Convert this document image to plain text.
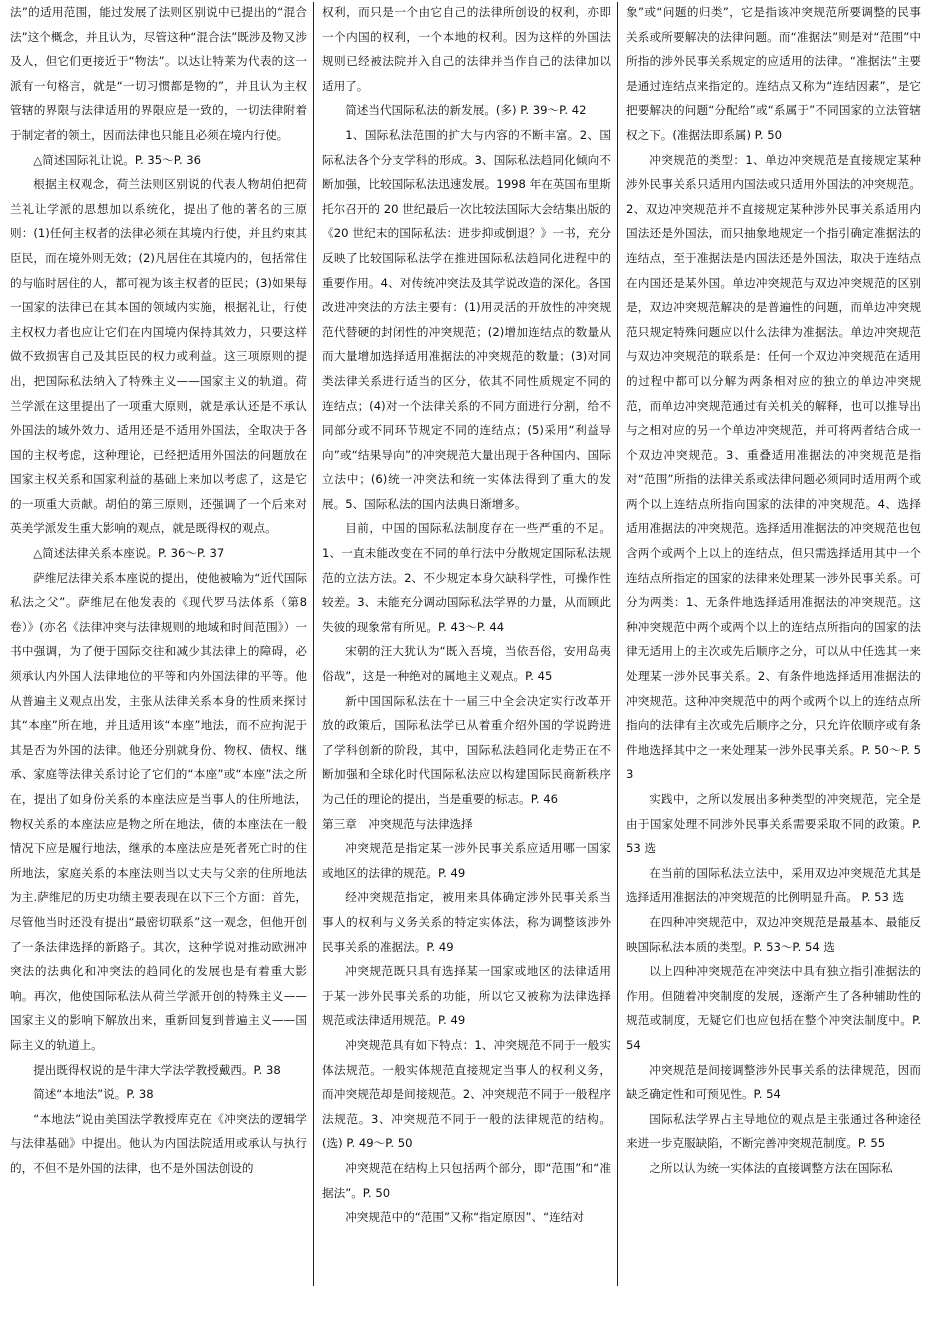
法”的适用范围，能过发展了法则区别说中已提出的“混合法”这个概念，并且认为，尽管这种“混合法”既涉及物又涉及人，但它们更接近于“物法”。以达让特莱为代表的这一派有一句格言，就是“一切习惯都是物的”，并且认为主权管辖的界限与法律适用的界限应是一致的，一切法律附着于制定者的领土，因而法律也只能且必须在境内行使。

△简述国际礼让说。P. 35～P. 36

根据主权观念，荷兰法则区别说的代表人物胡伯把荷兰礼让学派的思想加以系统化，提出了他的著名的三原则：(1)任何主权者的法律必须在其境内行使，并且约束其臣民，而在境外则无效；(2)凡居住在其境内的，包括常住的与临时居住的人，都可视为该主权者的臣民；(3)如果每一国家的法律已在其本国的领域内实施，根据礼让，行使主权权力者也应让它们在内国境内保持其效力，只要这样做不致损害自己及其臣民的权力或利益。这三项原则的提出，把国际私法纳入了特殊主义——国家主义的轨道。荷兰学派在这里提出了一项重大原则，就是承认还是不承认外国法的域外效力、适用还是不适用外国法，全取决于各国的主权考虑，这种理论，已经把适用外国法的问题放在国家主权关系和国家利益的基础上来加以考虑了，这是它的一项重大贡献。胡伯的第三原则，还强调了一个后来对英美学派发生重大影响的观点，就是既得权的观点。

△简述法律关系本座说。P. 36～P. 37

萨维尼法律关系本座说的提出，使他被喻为“近代国际私法之父”。萨维尼在他发表的《现代罗马法体系（第8卷）》(亦名《法律冲突与法律规则的地域和时间范围》）一书中强调，为了便于国际交往和减少其法律上的障碍，必须承认内外国人法律地位的平等和内外国法律的平等。他从普遍主义观点出发，主张从法律关系本身的性质来探讨其“本座”所在地，并且适用该“本座”地法，而不应拘泥于其是否为外国的法律。他还分别就身份、物权、债权、继承、家庭等法律关系讨论了它们的“本座”或“本座”法之所在，提出了如身份关系的本座法应是当事人的住所地法，物权关系的本座法应是物之所在地法，债的本座法在一般情况下应是履行地法，继承的本座法应是死者死亡时的住所地法，家庭关系的本座法则当以丈夫与父亲的住所地法为主.萨维尼的历史功绩主要表现在以下三个方面：首先，尽管他当时还没有提出“最密切联系”这一观念，但他开创了一条法律选择的新路子。其次，这种学说对推动欧洲冲突法的法典化和冲突法的趋同化的发展也是有着重大影响。再次，他使国际私法从荷兰学派开创的特殊主义——国家主义的影响下解放出来，重新回复到普遍主义——国际主义的轨道上。

提出既得权说的是牛津大学法学教授戴西。P. 38

简述“本地法”说。P. 38

“本地法”说由美国法学教授库克在《冲突法的逻辑学与法律基础》中提出。他认为内国法院适用或承认与执行的，不但不是外国的法律，也不是外国法创设的

权利，而只是一个由它自己的法律所创设的权利，亦即一个内国的权利，一个本地的权利。因为这样的外国法规则已经被法院并入自己的法律并当作自己的法律加以适用了。

简述当代国际私法的新发展。(多) P. 39～P. 42

1、国际私法范围的扩大与内容的不断丰富。2、国际私法各个分支学科的形成。3、国际私法趋同化倾向不断加强，比较国际私法迅速发展。1998 年在英国布里斯托尔召开的 20 世纪最后一次比较法国际大会结集出版的《20 世纪末的国际私法：进步抑或倒退？》一书，充分反映了比较国际私法学在推进国际私法趋同化进程中的重要作用。4、对传统冲突法及其学说改造的深化。各国改进冲突法的方法主要有：(1)用灵活的开放性的冲突规范代替硬的封闭性的冲突规范；(2)增加连结点的数量从而大量增加选择适用准据法的冲突规范的数量；(3)对同类法律关系进行适当的区分，依其不同性质规定不同的连结点；(4)对一个法律关系的不同方面进行分割，给不同部分或不同环节规定不同的连结点；(5)采用“利益导向”或“结果导向”的冲突规范大量出现于各种国内、国际立法中；(6)统一冲突法和统一实体法得到了重大的发展。5、国际私法的国内法典日渐增多。

目前，中国的国际私法制度存在一些严重的不足。1、一直未能改变在不同的单行法中分散规定国际私法规范的立法方法。2、不少规定本身欠缺科学性，可操作性较差。3、未能充分调动国际私法学界的力量，从而顾此失彼的现象常有所见。P. 43～P. 44

宋朝的汪大犹认为“既入吾境，当依吾俗，安用岛夷俗哉”，这是一种绝对的属地主义观点。P. 45

新中国国际私法在十一届三中全会决定实行改革开放的政策后，国际私法学已从着重介绍外国的学说跨进了学科创新的阶段，其中，国际私法趋同化走势正在不断加强和全球化时代国际私法应以构建国际民商新秩序为己任的理论的提出，当是重要的标志。P. 46

第三章　冲突规范与法律选择

冲突规范是指定某一涉外民事关系应适用哪一国家或地区的法律的规范。P. 49

经冲突规范指定，被用来具体确定涉外民事关系当事人的权利与义务关系的特定实体法，称为调整该涉外民事关系的准据法。P. 49

冲突规范既只具有选择某一国家或地区的法律适用于某一涉外民事关系的功能，所以它又被称为法律选择规范或法律适用规范。P. 49

冲突规范具有如下特点：1、冲突规范不同于一般实体法规范。一般实体规范直接规定当事人的权利义务，而冲突规范却是间接规范。2、冲突规范不同于一般程序法规范。3、冲突规范不同于一般的法律规范的结构。(选) P. 49～P. 50

冲突规范在结构上只包括两个部分，即“范围”和“准据法”。P. 50

冲突规范中的“范围”又称“指定原因”、“连结对

象”或“问题的归类”，它是指该冲突规范所要调整的民事关系或所要解决的法律问题。而“准据法”则是对“范围”中所指的涉外民事关系规定的应适用的法律。“准据法”主要是通过连结点来指定的。连结点又称为“连结因素”，是它把要解决的问题“分配给”或“系属于”不同国家的立法管辖权之下。(准据法即系属) P. 50

冲突规范的类型：1、单边冲突规范是直接规定某种涉外民事关系只适用内国法或只适用外国法的冲突规范。2、双边冲突规范并不直接规定某种涉外民事关系适用内国法还是外国法，而只抽象地规定一个指引确定准据法的连结点，至于准据法是内国法还是外国法，取决于连结点在内国还是某外国。单边冲突规范与双边冲突规范的区别是，双边冲突规范解决的是普遍性的问题，而单边冲突规范只规定特殊问题应以什么法律为准据法。单边冲突规范与双边冲突规范的联系是：任何一个双边冲突规范在适用的过程中都可以分解为两条相对应的独立的单边冲突规范，而单边冲突规范通过有关机关的解释，也可以推导出与之相对应的另一个单边冲突规范，并可将两者结合成一个双边冲突规范。3、重叠适用准据法的冲突规范是指对“范围”所指的法律关系或法律问题必须同时适用两个或两个以上连结点所指向国家的法律的冲突规范。4、选择适用准据法的冲突规范。选择适用准据法的冲突规范也包含两个或两个上以上的连结点，但只需选择适用其中一个连结点所指定的国家的法律来处理某一涉外民事关系。可分为两类：1、无条件地选择适用准据法的冲突规范。这种冲突规范中两个或两个以上的连结点所指向的国家的法律无适用上的主次或先后顺序之分，可以从中任选其一来处理某一涉外民事关系。2、有条件地选择适用准据法的冲突规范。这种冲突规范中的两个或两个以上的连结点所指向的法律有主次或先后顺序之分，只允许依顺序或有条件地选择其中之一来处理某一涉外民事关系。P. 50～P. 53

实践中，之所以发展出多种类型的冲突规范，完全是由于国家处理不同涉外民事关系需要采取不同的政策。P. 53 选

在当前的国际私法立法中，采用双边冲突规范尤其是选择适用准据法的冲突规范的比例明显升高。 P. 53 选

在四种冲突规范中，双边冲突规范是最基本、最能反映国际私法本质的类型。P. 53～P. 54 选

以上四种冲突规范在冲突法中具有独立指引准据法的作用。但随着冲突制度的发展，逐渐产生了各种辅助性的规范或制度，无疑它们也应包括在整个冲突法制度中。P. 54

冲突规范是间接调整涉外民事关系的法律规范，因而缺乏确定性和可预见性。P. 54

国际私法学界占主导地位的观点是主张通过各种途径来进一步克服缺陷，不断完善冲突规范制度。P. 55

之所以认为统一实体法的直接调整方法在国际私
